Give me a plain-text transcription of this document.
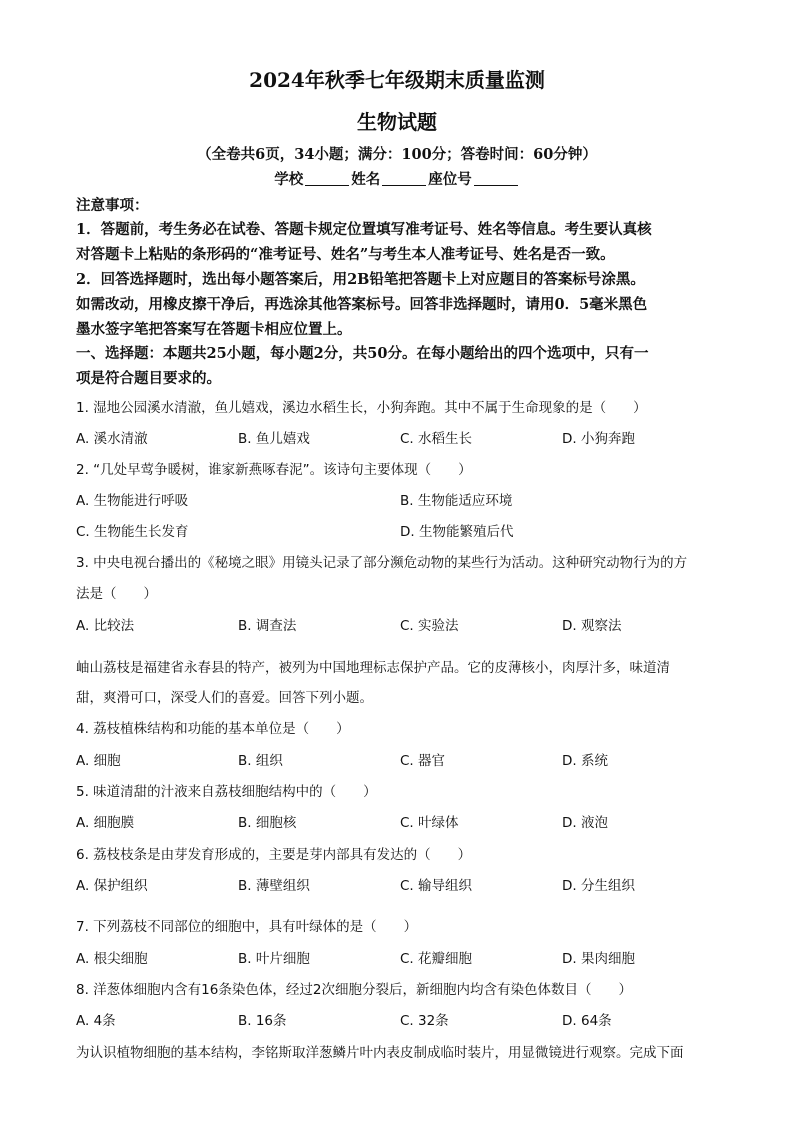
2024年秋季七年级期末质量监测
生物试题
（全卷共6页，34小题；满分：100分；答卷时间：60分钟）
学校	姓名	座位号
注意事项：
1．答题前，考生务必在试卷、答题卡规定位置填写准考证号、姓名等信息。考生要认真核
对答题卡上粘贴的条形码的“准考证号、姓名”与考生本人准考证号、姓名是否一致。
2．回答选择题时，选出每小题答案后，用2B铅笔把答题卡上对应题目的答案标号涂黑。
如需改动，用橡皮擦干净后，再选涂其他答案标号。回答非选择题时，请用0．5毫米黑色
墨水签字笔把答案写在答题卡相应位置上。
一、选择题：本题共25小题，每小题2分，共50分。在每小题给出的四个选项中，只有一
项是符合题目要求的。
1. 湿地公园溪水清澈，鱼儿嬉戏，溪边水稻生长，小狗奔跑。其中不属于生命现象的是（　　）
A. 溪水清澈	B. 鱼儿嬉戏	C. 水稻生长	D. 小狗奔跑
2. “几处早莺争暖树，谁家新燕啄春泥”。该诗句主要体现（　　）
A. 生物能进行呼吸	B. 生物能适应环境
C. 生物能生长发育	D. 生物能繁殖后代
3. 中央电视台播出的《秘境之眼》用镜头记录了部分濒危动物的某些行为活动。这种研究动物行为的方
法是（　　）
A. 比较法	B. 调查法	C. 实验法	D. 观察法
岫山荔枝是福建省永春县的特产，被列为中国地理标志保护产品。它的皮薄核小，肉厚汁多，味道清
甜，爽滑可口，深受人们的喜爱。回答下列小题。
4. 荔枝植株结构和功能的基本单位是（　　）
A. 细胞	B. 组织	C. 器官	D. 系统
5. 味道清甜的汁液来自荔枝细胞结构中的（　　）
A. 细胞膜	B. 细胞核	C. 叶绿体	D. 液泡
6. 荔枝枝条是由芽发育形成的，主要是芽内部具有发达的（　　）
A. 保护组织	B. 薄壁组织	C. 输导组织	D. 分生组织
7. 下列荔枝不同部位的细胞中，具有叶绿体的是（　　）
A. 根尖细胞	B. 叶片细胞	C. 花瓣细胞	D. 果肉细胞
8. 洋葱体细胞内含有16条染色体，经过2次细胞分裂后，新细胞内均含有染色体数目（　　）
A. 4条	B. 16条	C. 32条	D. 64条
为认识植物细胞的基本结构，李铭斯取洋葱鳞片叶内表皮制成临时装片，用显微镜进行观察。完成下面
